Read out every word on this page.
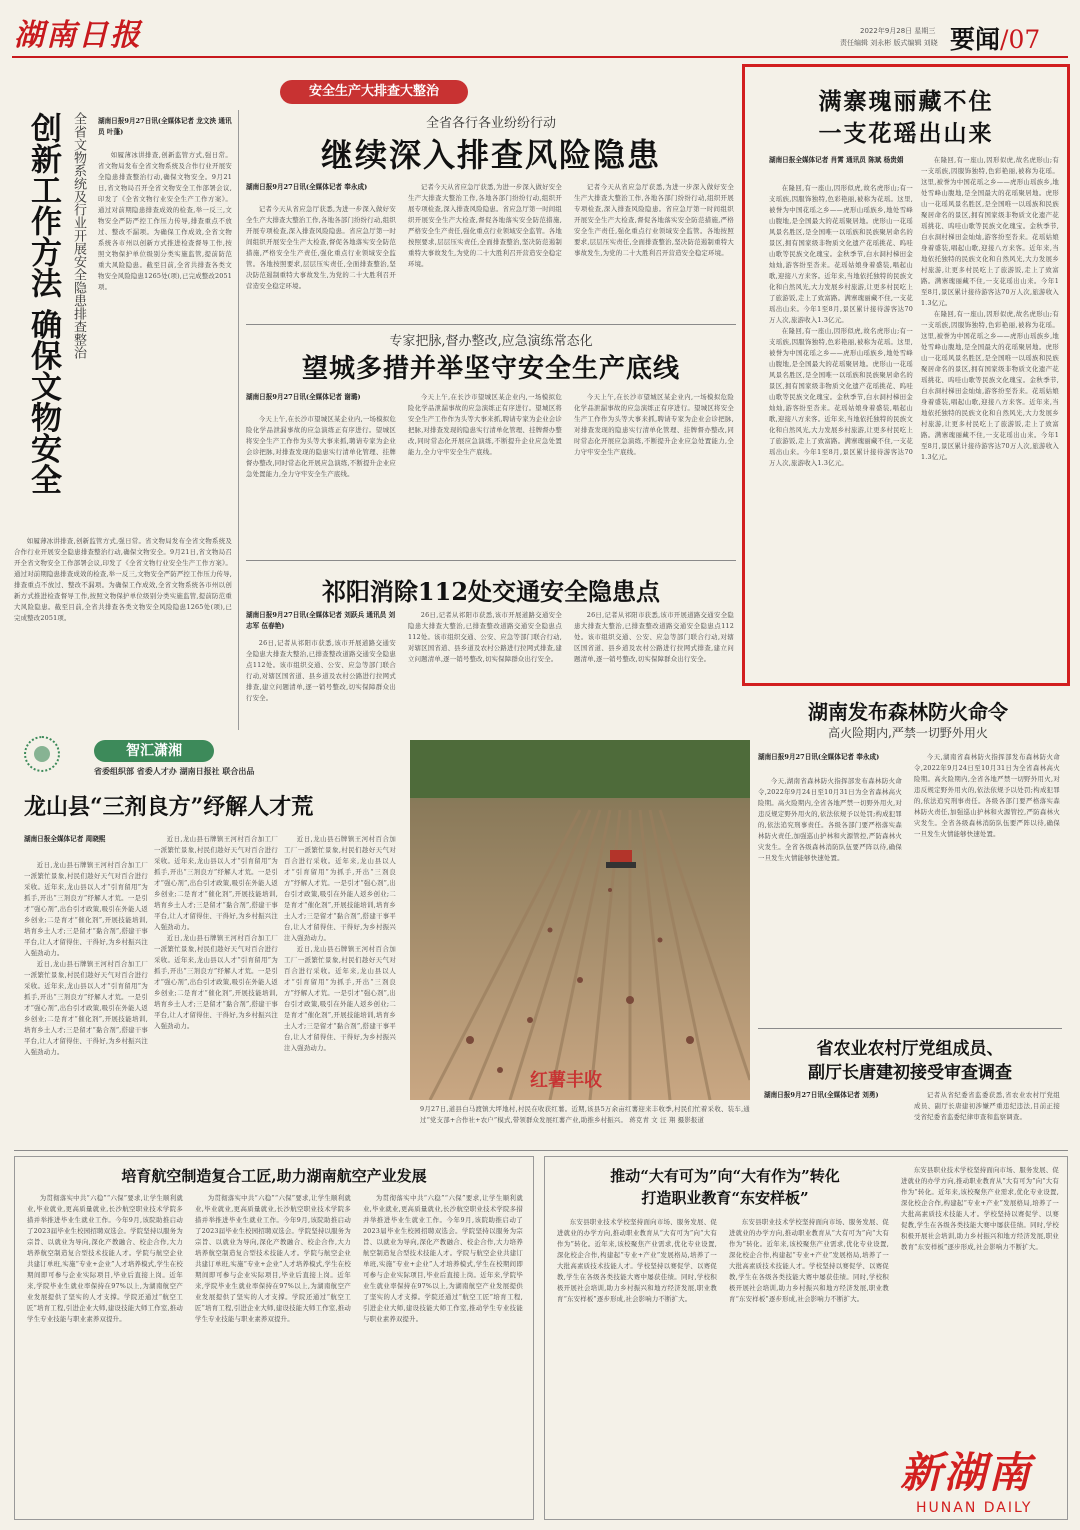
湖南日报	2022年9月28日 星期三
责任编辑 刘永彬 版式编辑 刘晓 要闻/07
安全生产大排查大整治
创新工作方法 确保文物安全 全省文物系统及行业开展安全隐患排查整治	湖南日报9月27日讯(全媒体记者 龙文泱 通讯员 叶蓬)

如履薄冰讲排查,创新监管方式,强日常。省文物局发布全省文物系统及合作行业开展安全隐患排查整治行动,确保文物安全。9月21日,省文物局召开全省文物安全工作部署会议,印发了《全省文物行业安全生产工作方案》。通过对前期隐患排查成效的检查,举一反三,文物安全严防严控工作压力传导,排查重点不放过、整改不漏项。为确保工作成效,全省文物系统各市州以创新方式推进检查督导工作,按照文物保护单位级别分类实施监管,提前防范重大风险隐患。截至目前,全省共排查各类文物安全风险隐患1265处(项),已完成整改2051项。

如履薄冰讲排查,创新监管方式,强日常。省文物局发布全省文物系统及合作行业开展安全隐患排查整治行动,确保文物安全。9月21日,省文物局召开全省文物安全工作部署会议,印发了《全省文物行业安全生产工作方案》。通过对前期隐患排查成效的检查,举一反三,文物安全严防严控工作压力传导,排查重点不放过、整改不漏项。为确保工作成效,全省文物系统各市州以创新方式推进检查督导工作,按照文物保护单位级别分类实施监管,提前防范重大风险隐患。截至目前,全省共排查各类文物安全风险隐患1265处(项),已完成整改2051项。

全省各行各业纷纷行动
继续深入排查风险隐患
湖南日报9月27日讯(全媒体记者 奉永成)

记者今天从省应急厅获悉,为进一步深入做好安全生产大排查大整治工作,各地各部门纷纷行动,组织开展专项检查,深入排查风险隐患。省应急厅第一时间组织开展安全生产大检查,督促各地落实安全防范措施,严格安全生产责任,强化重点行业领域安全监管。各地按照要求,层层压实责任,全面排查整治,坚决防范遏制重特大事故发生,为党的二十大胜利召开营造安全稳定环境。

记者今天从省应急厅获悉,为进一步深入做好安全生产大排查大整治工作,各地各部门纷纷行动,组织开展专项检查,深入排查风险隐患。省应急厅第一时间组织开展安全生产大检查,督促各地落实安全防范措施,严格安全生产责任,强化重点行业领域安全监管。各地按照要求,层层压实责任,全面排查整治,坚决防范遏制重特大事故发生,为党的二十大胜利召开营造安全稳定环境。

记者今天从省应急厅获悉,为进一步深入做好安全生产大排查大整治工作,各地各部门纷纷行动,组织开展专项检查,深入排查风险隐患。省应急厅第一时间组织开展安全生产大检查,督促各地落实安全防范措施,严格安全生产责任,强化重点行业领域安全监管。各地按照要求,层层压实责任,全面排查整治,坚决防范遏制重特大事故发生,为党的二十大胜利召开营造安全稳定环境。

专家把脉,督办整改,应急演练常态化
望城多措并举坚守安全生产底线
湖南日报9月27日讯(全媒体记者 谢璐)

今天上午,在长沙市望城区某企业内,一场模拟危险化学品泄漏事故的应急演练正有序进行。望城区将安全生产工作作为头等大事来抓,聘请专家为企业会诊把脉,对排查发现的隐患实行清单化管理、挂牌督办整改,同时常态化开展应急演练,不断提升企业应急处置能力,全力守牢安全生产底线。

今天上午,在长沙市望城区某企业内,一场模拟危险化学品泄漏事故的应急演练正有序进行。望城区将安全生产工作作为头等大事来抓,聘请专家为企业会诊把脉,对排查发现的隐患实行清单化管理、挂牌督办整改,同时常态化开展应急演练,不断提升企业应急处置能力,全力守牢安全生产底线。

今天上午,在长沙市望城区某企业内,一场模拟危险化学品泄漏事故的应急演练正有序进行。望城区将安全生产工作作为头等大事来抓,聘请专家为企业会诊把脉,对排查发现的隐患实行清单化管理、挂牌督办整改,同时常态化开展应急演练,不断提升企业应急处置能力,全力守牢安全生产底线。

祁阳消除112处交通安全隐患点
湖南日报9月27日讯(全媒体记者 刘跃兵 通讯员 刘志军 伍春艳)

26日,记者从祁阳市获悉,该市开展道路交通安全隐患大排查大整治,已排查整改道路交通安全隐患点112处。该市组织交通、公安、应急等部门联合行动,对辖区国省道、县乡道及农村公路进行拉网式排查,建立问题清单,逐一销号整改,切实保障群众出行安全。

26日,记者从祁阳市获悉,该市开展道路交通安全隐患大排查大整治,已排查整改道路交通安全隐患点112处。该市组织交通、公安、应急等部门联合行动,对辖区国省道、县乡道及农村公路进行拉网式排查,建立问题清单,逐一销号整改,切实保障群众出行安全。

26日,记者从祁阳市获悉,该市开展道路交通安全隐患大排查大整治,已排查整改道路交通安全隐患点112处。该市组织交通、公安、应急等部门联合行动,对辖区国省道、县乡道及农村公路进行拉网式排查,建立问题清单,逐一销号整改,切实保障群众出行安全。

满寨瑰丽藏不住
一支花瑶出山来
湖南日报全媒体记者 肖霄 通讯员 陈斌 杨贵娟

在隆回,有一座山,因形似虎,故名虎形山;有一支瑶族,因服饰独特,色彩艳丽,被称为花瑶。这里,被誉为中国花瑶之乡——虎形山瑶族乡,地处雪峰山腹地,是全国最大的花瑶聚居地。虎形山一花瑶风景名胜区,是全国唯一以瑶族和民族聚居命名的景区,拥有国家级非物质文化遗产花瑶挑花、呜哇山歌等民族文化瑰宝。金秋季节,白水洞村梯田金灿灿,游客纷至沓来。花瑶姑娘身着盛装,唱起山歌,迎接八方来客。近年来,当地依托独特的民族文化和自然风光,大力发展乡村旅游,让更多村民吃上了旅游饭,走上了致富路。满寨瑰丽藏不住,一支花瑶出山来。今年1至8月,景区累计接待游客达70万人次,旅游收入1.3亿元。

在隆回,有一座山,因形似虎,故名虎形山;有一支瑶族,因服饰独特,色彩艳丽,被称为花瑶。这里,被誉为中国花瑶之乡——虎形山瑶族乡,地处雪峰山腹地,是全国最大的花瑶聚居地。虎形山一花瑶风景名胜区,是全国唯一以瑶族和民族聚居命名的景区,拥有国家级非物质文化遗产花瑶挑花、呜哇山歌等民族文化瑰宝。金秋季节,白水洞村梯田金灿灿,游客纷至沓来。花瑶姑娘身着盛装,唱起山歌,迎接八方来客。近年来,当地依托独特的民族文化和自然风光,大力发展乡村旅游,让更多村民吃上了旅游饭,走上了致富路。满寨瑰丽藏不住,一支花瑶出山来。今年1至8月,景区累计接待游客达70万人次,旅游收入1.3亿元。

在隆回,有一座山,因形似虎,故名虎形山;有一支瑶族,因服饰独特,色彩艳丽,被称为花瑶。这里,被誉为中国花瑶之乡——虎形山瑶族乡,地处雪峰山腹地,是全国最大的花瑶聚居地。虎形山一花瑶风景名胜区,是全国唯一以瑶族和民族聚居命名的景区,拥有国家级非物质文化遗产花瑶挑花、呜哇山歌等民族文化瑰宝。金秋季节,白水洞村梯田金灿灿,游客纷至沓来。花瑶姑娘身着盛装,唱起山歌,迎接八方来客。近年来,当地依托独特的民族文化和自然风光,大力发展乡村旅游,让更多村民吃上了旅游饭,走上了致富路。满寨瑰丽藏不住,一支花瑶出山来。今年1至8月,景区累计接待游客达70万人次,旅游收入1.3亿元。

在隆回,有一座山,因形似虎,故名虎形山;有一支瑶族,因服饰独特,色彩艳丽,被称为花瑶。这里,被誉为中国花瑶之乡——虎形山瑶族乡,地处雪峰山腹地,是全国最大的花瑶聚居地。虎形山一花瑶风景名胜区,是全国唯一以瑶族和民族聚居命名的景区,拥有国家级非物质文化遗产花瑶挑花、呜哇山歌等民族文化瑰宝。金秋季节,白水洞村梯田金灿灿,游客纷至沓来。花瑶姑娘身着盛装,唱起山歌,迎接八方来客。近年来,当地依托独特的民族文化和自然风光,大力发展乡村旅游,让更多村民吃上了旅游饭,走上了致富路。满寨瑰丽藏不住,一支花瑶出山来。今年1至8月,景区累计接待游客达70万人次,旅游收入1.3亿元。

湖南发布森林防火命令
高火险期内,严禁一切野外用火
湖南日报9月27日讯(全媒体记者 奉永成)

今天,湖南省森林防火指挥部发布森林防火命令,2022年9月24日至10月31日为全省森林高火险期。高火险期内,全省各地严禁一切野外用火,对违反规定野外用火的,依法依规予以处罚;构成犯罪的,依法追究刑事责任。各级各部门要严格落实森林防火责任,加强巡山护林和火源管控,严防森林火灾发生。全省各级森林消防队伍要严阵以待,确保一旦发生火情能够快速处置。

今天,湖南省森林防火指挥部发布森林防火命令,2022年9月24日至10月31日为全省森林高火险期。高火险期内,全省各地严禁一切野外用火,对违反规定野外用火的,依法依规予以处罚;构成犯罪的,依法追究刑事责任。各级各部门要严格落实森林防火责任,加强巡山护林和火源管控,严防森林火灾发生。全省各级森林消防队伍要严阵以待,确保一旦发生火情能够快速处置。

省农业农村厅党组成员、
副厅长唐建初接受审查调查
湖南日报9月27日讯(全媒体记者 刘勇)	记者从省纪委省监委获悉,省农业农村厅党组成员、副厅长唐建初涉嫌严重违纪违法,目前正接受省纪委省监委纪律审查和监察调查。

智汇潇湘
省委组织部 省委人才办 湖南日报社 联合出品
龙山县“三剂良方”纾解人才荒
湖南日报全媒体记者 周晓熙

近日,龙山县石牌镇王河村百合加工厂一派繁忙景象,村民们趁好天气对百合进行采收。近年来,龙山县以人才“引育留用”为抓手,开出“三剂良方”纾解人才荒。一是引才“强心剂”,出台引才政策,吸引在外能人返乡创业;二是育才“催化剂”,开展技能培训,培育乡土人才;三是留才“黏合剂”,搭建干事平台,让人才留得住、干得好,为乡村振兴注入强劲动力。

近日,龙山县石牌镇王河村百合加工厂一派繁忙景象,村民们趁好天气对百合进行采收。近年来,龙山县以人才“引育留用”为抓手,开出“三剂良方”纾解人才荒。一是引才“强心剂”,出台引才政策,吸引在外能人返乡创业;二是育才“催化剂”,开展技能培训,培育乡土人才;三是留才“黏合剂”,搭建干事平台,让人才留得住、干得好,为乡村振兴注入强劲动力。

近日,龙山县石牌镇王河村百合加工厂一派繁忙景象,村民们趁好天气对百合进行采收。近年来,龙山县以人才“引育留用”为抓手,开出“三剂良方”纾解人才荒。一是引才“强心剂”,出台引才政策,吸引在外能人返乡创业;二是育才“催化剂”,开展技能培训,培育乡土人才;三是留才“黏合剂”,搭建干事平台,让人才留得住、干得好,为乡村振兴注入强劲动力。

近日,龙山县石牌镇王河村百合加工厂一派繁忙景象,村民们趁好天气对百合进行采收。近年来,龙山县以人才“引育留用”为抓手,开出“三剂良方”纾解人才荒。一是引才“强心剂”,出台引才政策,吸引在外能人返乡创业;二是育才“催化剂”,开展技能培训,培育乡土人才;三是留才“黏合剂”,搭建干事平台,让人才留得住、干得好,为乡村振兴注入强劲动力。

近日,龙山县石牌镇王河村百合加工厂一派繁忙景象,村民们趁好天气对百合进行采收。近年来,龙山县以人才“引育留用”为抓手,开出“三剂良方”纾解人才荒。一是引才“强心剂”,出台引才政策,吸引在外能人返乡创业;二是育才“催化剂”,开展技能培训,培育乡土人才;三是留才“黏合剂”,搭建干事平台,让人才留得住、干得好,为乡村振兴注入强劲动力。

近日,龙山县石牌镇王河村百合加工厂一派繁忙景象,村民们趁好天气对百合进行采收。近年来,龙山县以人才“引育留用”为抓手,开出“三剂良方”纾解人才荒。一是引才“强心剂”,出台引才政策,吸引在外能人返乡创业;二是育才“催化剂”,开展技能培训,培育乡土人才;三是留才“黏合剂”,搭建干事平台,让人才留得住、干得好,为乡村振兴注入强劲动力。

红薯丰收

9月27日,道县白马渡镇大坪地村,村民在收获红薯。近期,该县5万余亩红薯迎来丰收季,村民们忙着采收、装车,通过“党支部+合作社+农户”模式,带领群众发展红薯产业,助推乡村振兴。 蒋克青 文 汪 翔 摄影报道

培育航空制造复合工匠,助力湖南航空产业发展

为贯彻落实中共“六稳”“六保”要求,让学生顺利就业,毕业就业,更高质量就业,长沙航空职业技术学院多措并举推进毕业生就业工作。今年9月,该院助推启动了2023届毕业生校园招聘双选会。学院坚持以服务为宗旨、以就业为导向,深化产教融合、校企合作,大力培养航空制造复合型技术技能人才。学院与航空企业共建订单班,实施“专业+企业”人才培养模式,学生在校期间即可参与企业实际项目,毕业后直接上岗。近年来,学院毕业生就业率保持在97%以上,为湖南航空产业发展提供了坚实的人才支撑。学院还通过“航空工匠”培育工程,引进企业大师,建设技能大师工作室,推动学生专业技能与职业素养双提升。

为贯彻落实中共“六稳”“六保”要求,让学生顺利就业,毕业就业,更高质量就业,长沙航空职业技术学院多措并举推进毕业生就业工作。今年9月,该院助推启动了2023届毕业生校园招聘双选会。学院坚持以服务为宗旨、以就业为导向,深化产教融合、校企合作,大力培养航空制造复合型技术技能人才。学院与航空企业共建订单班,实施“专业+企业”人才培养模式,学生在校期间即可参与企业实际项目,毕业后直接上岗。近年来,学院毕业生就业率保持在97%以上,为湖南航空产业发展提供了坚实的人才支撑。学院还通过“航空工匠”培育工程,引进企业大师,建设技能大师工作室,推动学生专业技能与职业素养双提升。

为贯彻落实中共“六稳”“六保”要求,让学生顺利就业,毕业就业,更高质量就业,长沙航空职业技术学院多措并举推进毕业生就业工作。今年9月,该院助推启动了2023届毕业生校园招聘双选会。学院坚持以服务为宗旨、以就业为导向,深化产教融合、校企合作,大力培养航空制造复合型技术技能人才。学院与航空企业共建订单班,实施“专业+企业”人才培养模式,学生在校期间即可参与企业实际项目,毕业后直接上岗。近年来,学院毕业生就业率保持在97%以上,为湖南航空产业发展提供了坚实的人才支撑。学院还通过“航空工匠”培育工程,引进企业大师,建设技能大师工作室,推动学生专业技能与职业素养双提升。

推动“大有可为”向“大有作为”转化
打造职业教育“东安样板”

东安县职业技术学校坚持面向市场、服务发展、促进就业的办学方向,推动职业教育从“大有可为”向“大有作为”转化。近年来,该校聚焦产业需求,优化专业设置,深化校企合作,构建起“专业+产业”发展格局,培养了一大批高素质技术技能人才。学校坚持以赛促学、以赛促教,学生在各级各类技能大赛中屡获佳绩。同时,学校积极开展社会培训,助力乡村振兴和地方经济发展,职业教育“东安样板”逐步形成,社会影响力不断扩大。

东安县职业技术学校坚持面向市场、服务发展、促进就业的办学方向,推动职业教育从“大有可为”向“大有作为”转化。近年来,该校聚焦产业需求,优化专业设置,深化校企合作,构建起“专业+产业”发展格局,培养了一大批高素质技术技能人才。学校坚持以赛促学、以赛促教,学生在各级各类技能大赛中屡获佳绩。同时,学校积极开展社会培训,助力乡村振兴和地方经济发展,职业教育“东安样板”逐步形成,社会影响力不断扩大。

东安县职业技术学校坚持面向市场、服务发展、促进就业的办学方向,推动职业教育从“大有可为”向“大有作为”转化。近年来,该校聚焦产业需求,优化专业设置,深化校企合作,构建起“专业+产业”发展格局,培养了一大批高素质技术技能人才。学校坚持以赛促学、以赛促教,学生在各级各类技能大赛中屡获佳绩。同时,学校积极开展社会培训,助力乡村振兴和地方经济发展,职业教育“东安样板”逐步形成,社会影响力不断扩大。

新湖南
HUNAN DAILY
